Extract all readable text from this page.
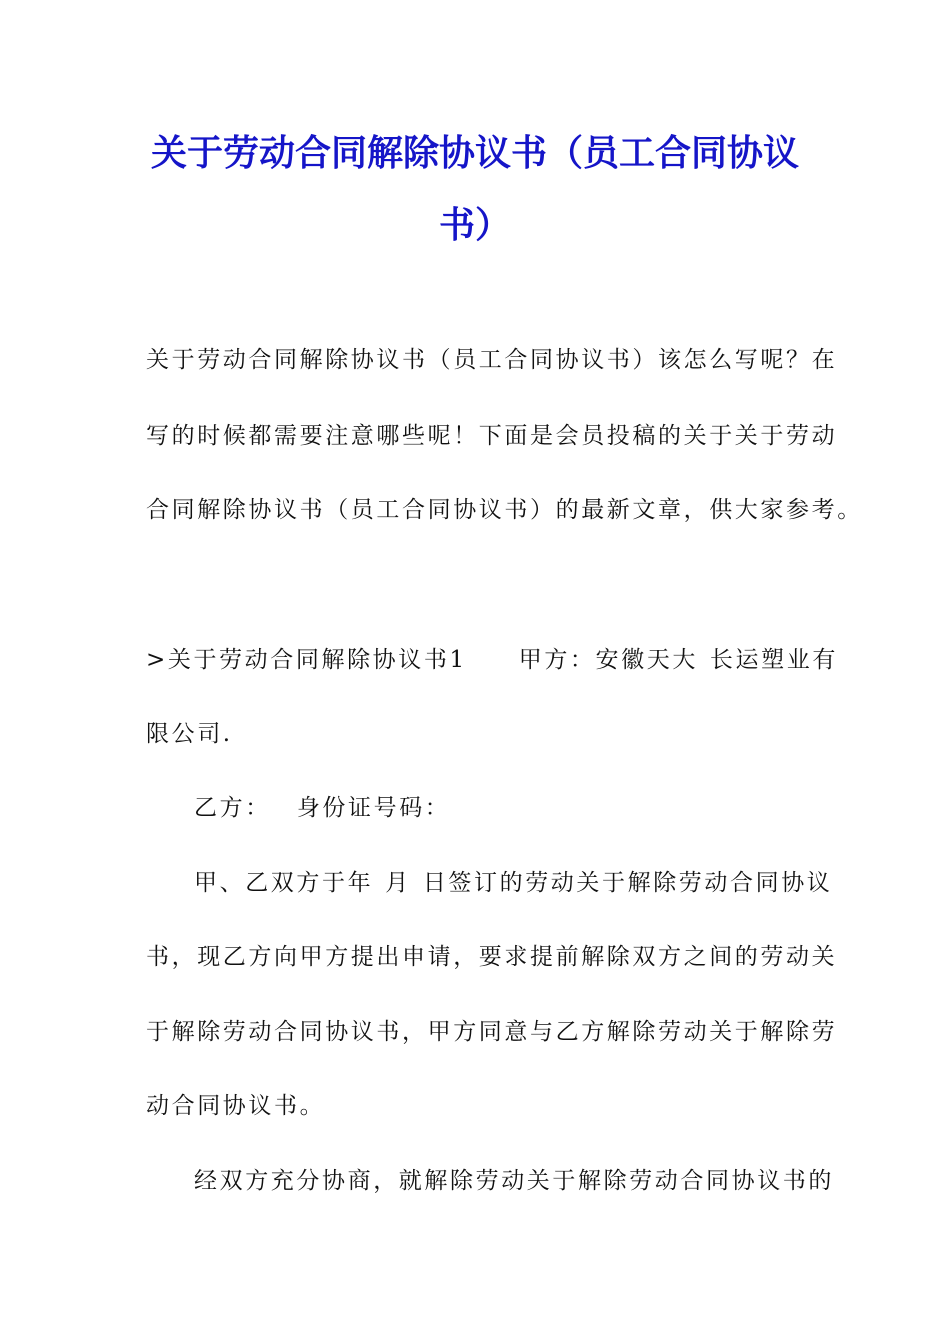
关于劳动合同解除协议书（员工合同协议
书）
关于劳动合同解除协议书（员工合同协议书）该怎么写呢？在
写的时候都需要注意哪些呢！下面是会员投稿的关于关于劳动
合同解除协议书（员工合同协议书）的最新文章，供大家参考。
>关于劳动合同解除协议书1 甲方：安徽天大 长运塑业有
限公司.
乙方： 身份证号码：
甲、乙双方于年 月 日签订的劳动关于解除劳动合同协议
书，现乙方向甲方提出申请，要求提前解除双方之间的劳动关
于解除劳动合同协议书，甲方同意与乙方解除劳动关于解除劳
动合同协议书。
经双方充分协商，就解除劳动关于解除劳动合同协议书的
